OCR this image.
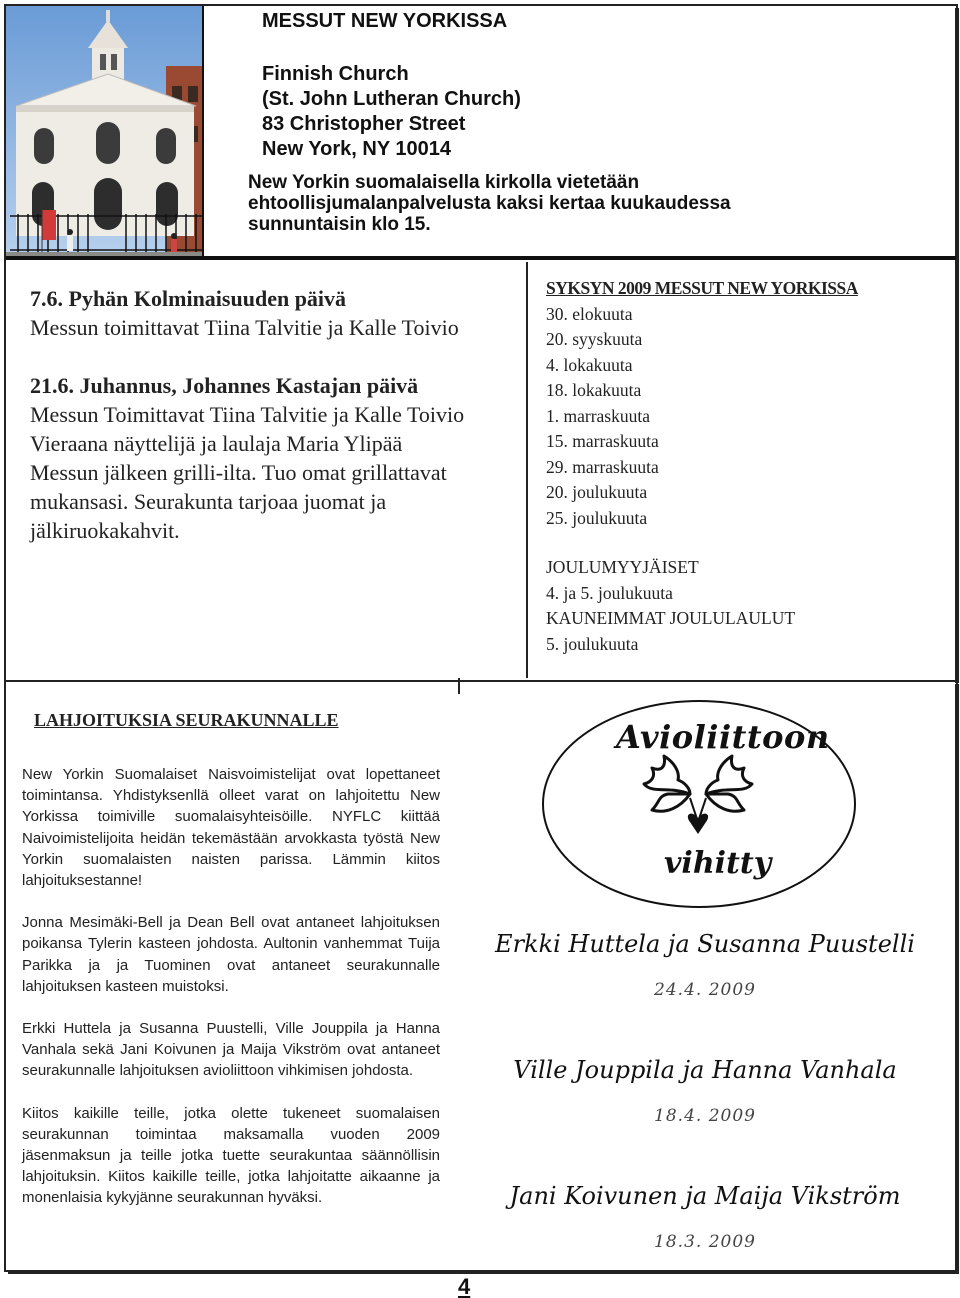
MESSUT NEW YORKISSA
Finnish Church
(St. John Lutheran Church)
83 Christopher Street
New York, NY 10014
New Yorkin suomalaisella kirkolla vietetään
ehtoollisjumalanpalvelusta kaksi kertaa kuukaudessa
sunnuntaisin klo 15.
7.6. Pyhän Kolminaisuuden päivä
Messun toimittavat Tiina Talvitie ja Kalle Toivio
21.6. Juhannus, Johannes Kastajan päivä
Messun Toimittavat Tiina Talvitie ja Kalle Toivio
Vieraana näyttelijä ja laulaja Maria Ylipää
Messun jälkeen grilli-ilta. Tuo omat grillattavat
mukansasi. Seurakunta tarjoaa juomat ja
jälkiruokakahvit.
SYKSYN 2009 MESSUT NEW YORKISSA
30. elokuuta
20. syyskuuta
4. lokakuuta
18. lokakuuta
1. marraskuuta
15. marraskuuta
29. marraskuuta
20. joulukuuta
25. joulukuuta
JOULUMYYJÄISET
4. ja 5. joulukuuta
KAUNEIMMAT JOULULAULUT
5. joulukuuta
LAHJOITUKSIA SEURAKUNNALLE

New Yorkin Suomalaiset Naisvoimistelijat ovat lopettaneet toimintansa. Yhdistyksenllä olleet varat on lahjoitettu New Yorkissa toimiville suomalaisyhteisöille. NYFLC kiittää Naivoimistelijoita heidän tekemästään arvokkasta työstä New Yorkin suomalaisten naisten parissa. Lämmin kiitos lahjoituksestanne!

Jonna Mesimäki-Bell ja Dean Bell ovat antaneet lahjoituksen poikansa Tylerin kasteen johdosta. Aultonin vanhemmat Tuija Parikka ja ja Tuominen ovat antaneet seurakunnalle lahjoituksen kasteen muistoksi.

Erkki Huttela ja Susanna Puustelli, Ville Jouppila ja Hanna Vanhala sekä Jani Koivunen ja Maija Vikström ovat antaneet seurakunnalle lahjoituksen avioliittoon vihkimisen johdosta.

Kiitos kaikille teille, jotka olette tukeneet suomalaisen seurakunnan toimintaa maksamalla vuoden 2009 jäsenmaksun ja teille jotka tuette seurakuntaa säännöllisin lahjoituksin. Kiitos kaikille teille, jotka lahjoitatte aikaanne ja monenlaisia kykyjänne seurakunnan hyväksi.

Avioliittoon
vihitty
Erkki Huttela ja Susanna Puustelli
24.4. 2009
Ville Jouppila ja Hanna Vanhala
18.4. 2009
Jani Koivunen ja Maija Vikström
18.3. 2009
4
